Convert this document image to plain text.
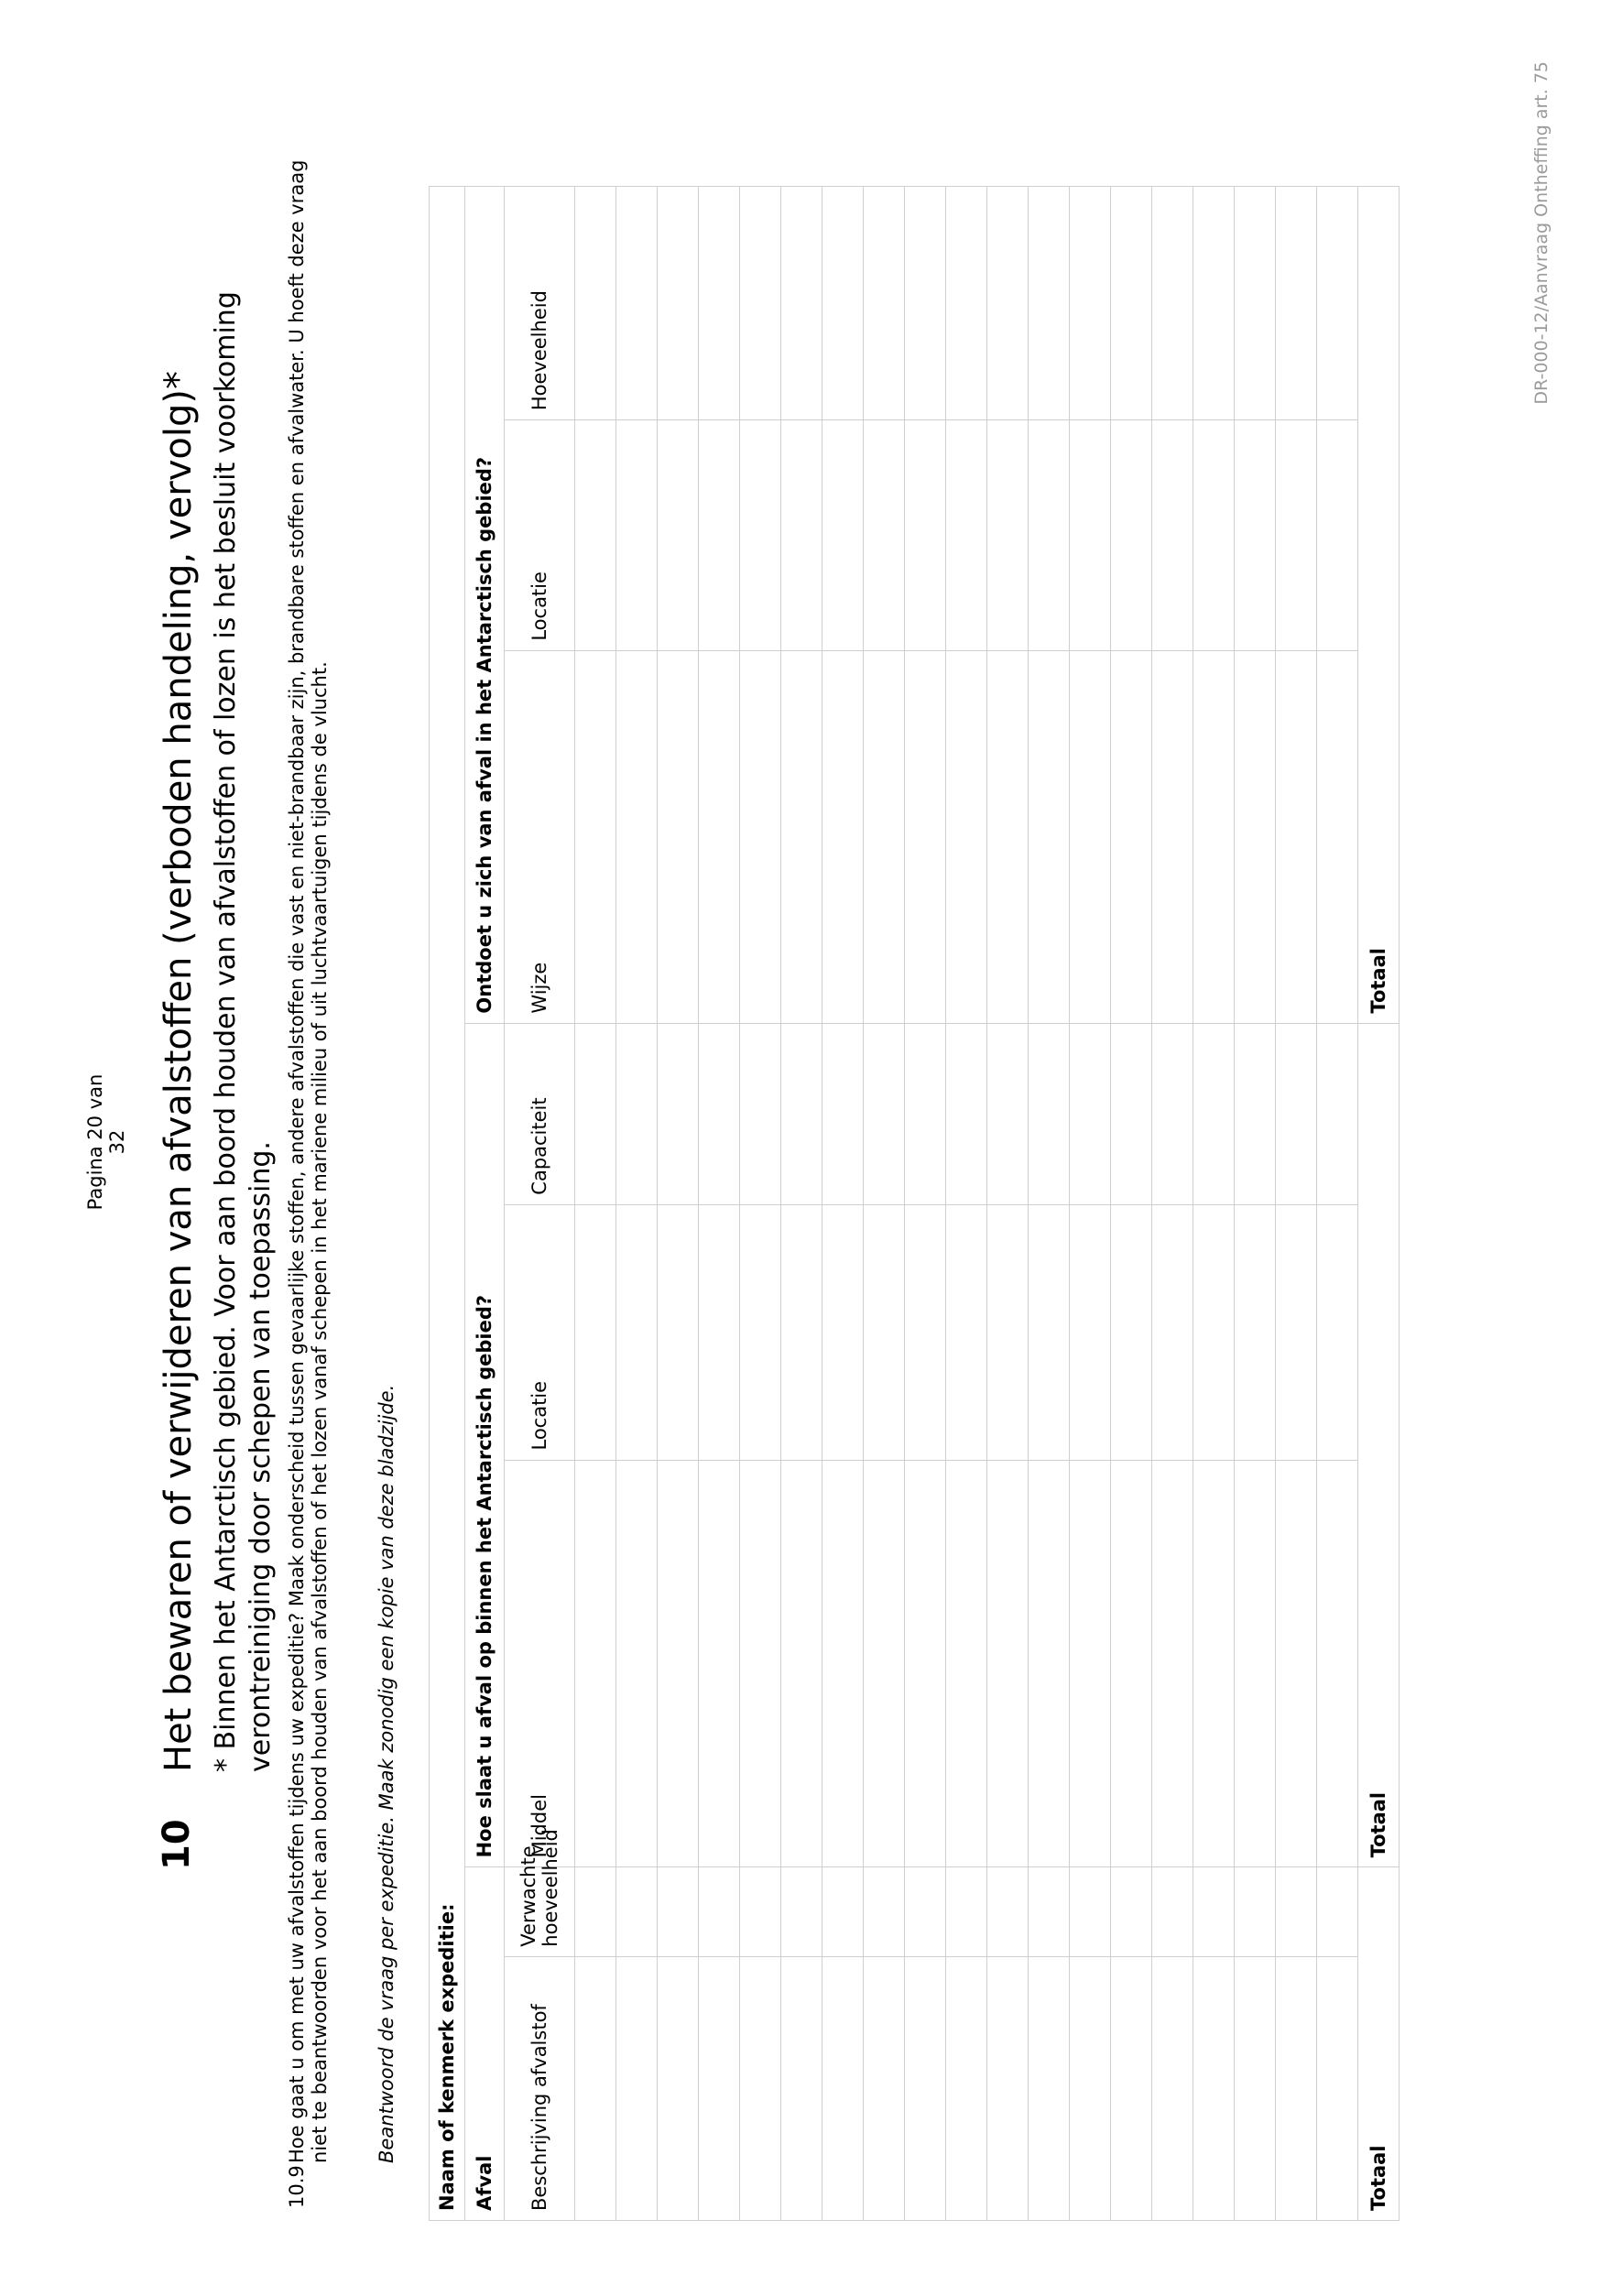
Pagina 20 van 32
10
Het bewaren of verwijderen van afvalstoffen (verboden handeling, vervolg)* * Binnen het Antarctisch gebied. Voor aan boord houden van afvalstoffen of lozen is het besluit voorkoming verontreiniging door schepen van toepassing.
10.9
Hoe gaat u om met uw afvalstoffen tijdens uw expeditie? Maak onderscheid tussen gevaarlijke stoffen, andere afvalstoffen die vast en niet-brandbaar zijn, brandbare stoffen en afvalwater. U hoeft deze vraag niet te beantwoorden voor het aan boord houden van afvalstoffen of het lozen vanaf schepen in het mariene milieu of uit luchtvaartuigen tijdens de vlucht. Beantwoord de vraag per expeditie. Maak zonodig een kopie van deze bladzijde. Naam of kenmerk expeditie:							
Afval		Hoe slaat u afval op binnen het Antarctisch gebied?			Ontdoet u zich van afval in het Antarctisch gebied?		
Beschrijving afvalstof	Verwachte hoeveelheid	Middel	Locatie	Capaciteit	Wijze	Locatie	Hoeveelheid

Totaal		Totaal			Totaal		
DR-000-12/Aanvraag Ontheffing art. 75
